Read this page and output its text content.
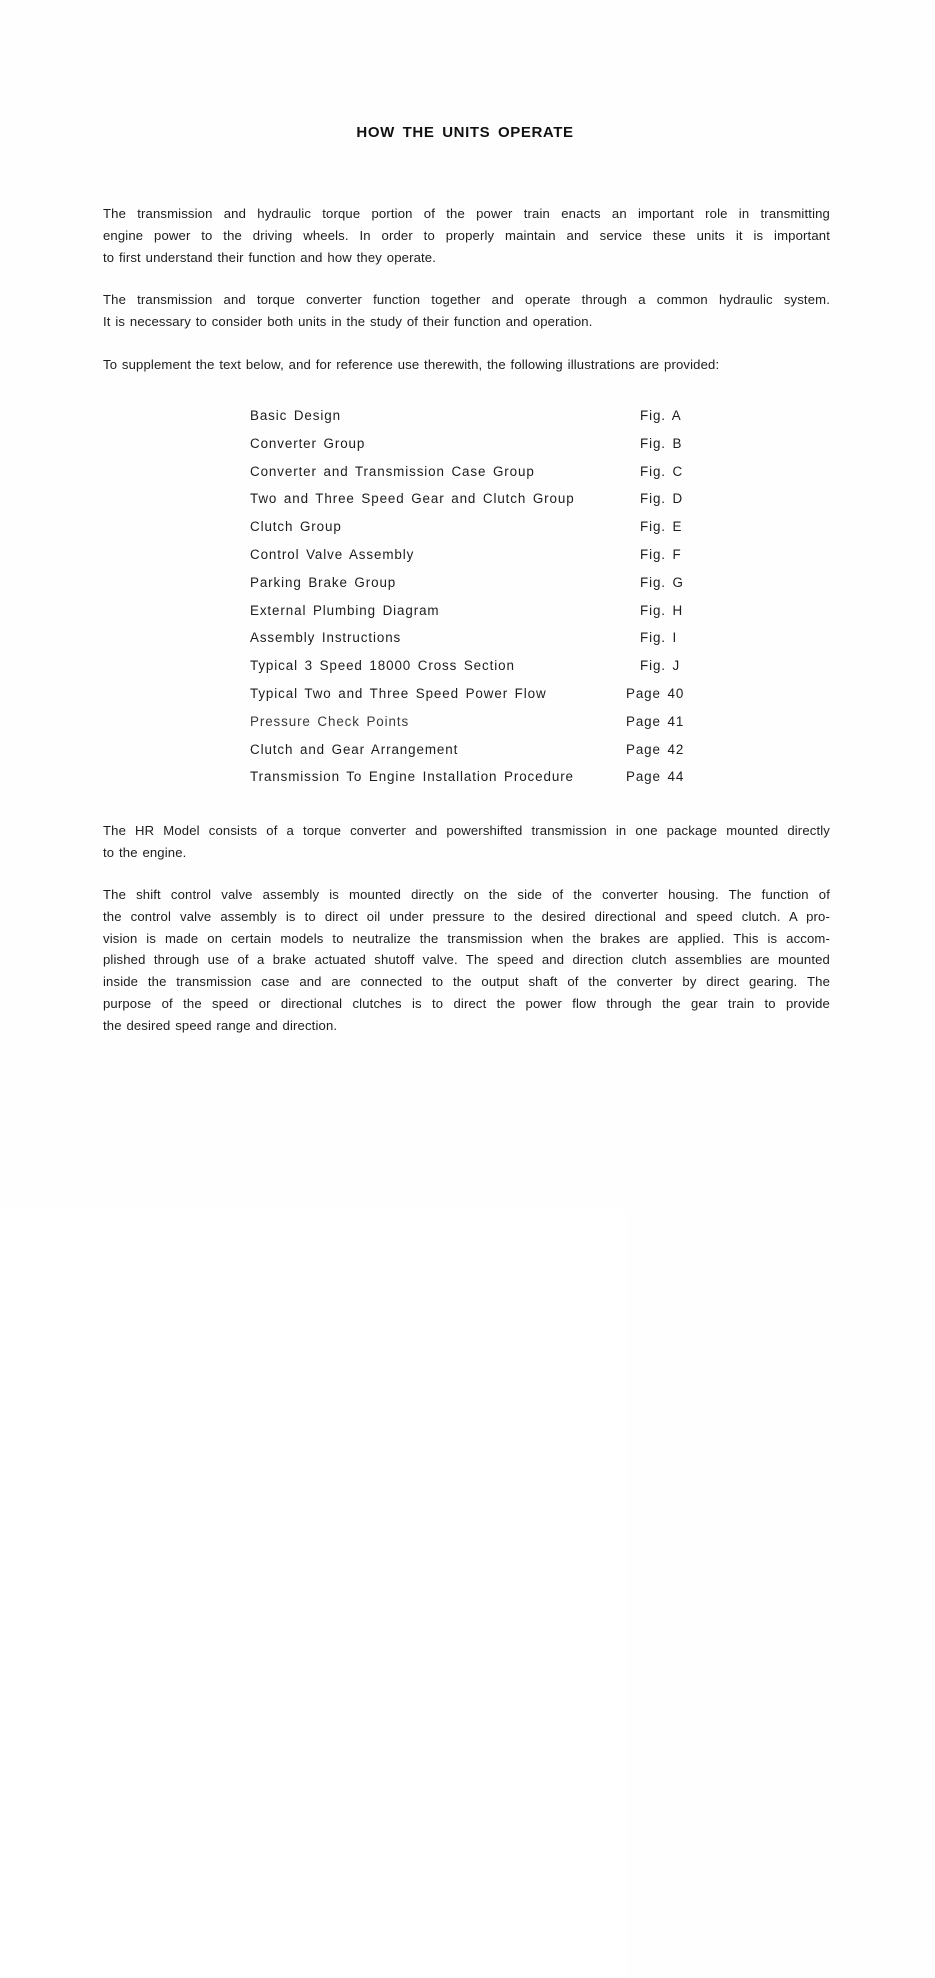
HOW THE UNITS OPERATE
The transmission and hydraulic torque portion of the power train enacts an important role in transmitting
engine power to the driving wheels. In order to properly maintain and service these units it is important
to first understand their function and how they operate.
The transmission and torque converter function together and operate through a common hydraulic system.
It is necessary to consider both units in the study of their function and operation.
To supplement the text below, and for reference use therewith, the following illustrations are provided:
Basic Design	Fig. A
Converter Group	Fig. B
Converter and Transmission Case Group	Fig. C
Two and Three Speed Gear and Clutch Group	Fig. D
Clutch Group	Fig. E
Control Valve Assembly	Fig. F
Parking Brake Group	Fig. G
External Plumbing Diagram	Fig. H
Assembly Instructions	Fig. I
Typical 3 Speed 18000 Cross Section	Fig. J
Typical Two and Three Speed Power Flow	Page 40
Pressure Check Points	Page 41
Clutch and Gear Arrangement	Page 42
Transmission To Engine Installation Procedure	Page 44
The HR Model consists of a torque converter and powershifted transmission in one package mounted directly
to the engine.
The shift control valve assembly is mounted directly on the side of the converter housing. The function of
the control valve assembly is to direct oil under pressure to the desired directional and speed clutch. A pro-
vision is made on certain models to neutralize the transmission when the brakes are applied. This is accom-
plished through use of a brake actuated shutoff valve. The speed and direction clutch assemblies are mounted
inside the transmission case and are connected to the output shaft of the converter by direct gearing. The
purpose of the speed or directional clutches is to direct the power flow through the gear train to provide
the desired speed range and direction.
